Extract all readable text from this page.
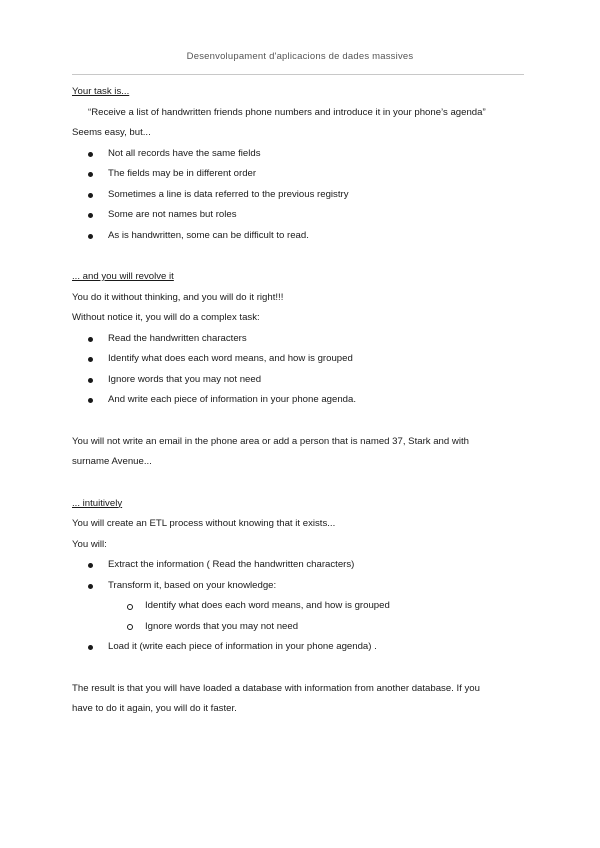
Desenvolupament d'aplicacions de dades massives
Your task is...
“Receive a list of handwritten friends phone numbers and introduce it in your phone’s agenda”
Seems easy, but...
Not all records have the same fields
The fields may be in different order
Sometimes a line is data referred to the previous registry
Some are not names but roles
As is handwritten, some can be difficult to read.
... and you will revolve it
You do it without thinking, and you will do it right!!!
Without notice it, you will do a complex task:
Read the handwritten characters
Identify what does each word means, and how is grouped
Ignore words that you may not need
And write each piece of information in your phone agenda.
You will not write an email in the phone area or add a person that is named 37, Stark and with
surname Avenue...
... intuitively
You will create an ETL process without knowing that it exists...
You will:
Extract the information ( Read the handwritten characters)
Transform it, based on your knowledge:
Identify what does each word means, and how is grouped
Ignore words that you may not need
Load it (write each piece of information in your phone agenda) .
The result is that you will have loaded a database with information from another database. If you
have to do it again, you will do it faster.
